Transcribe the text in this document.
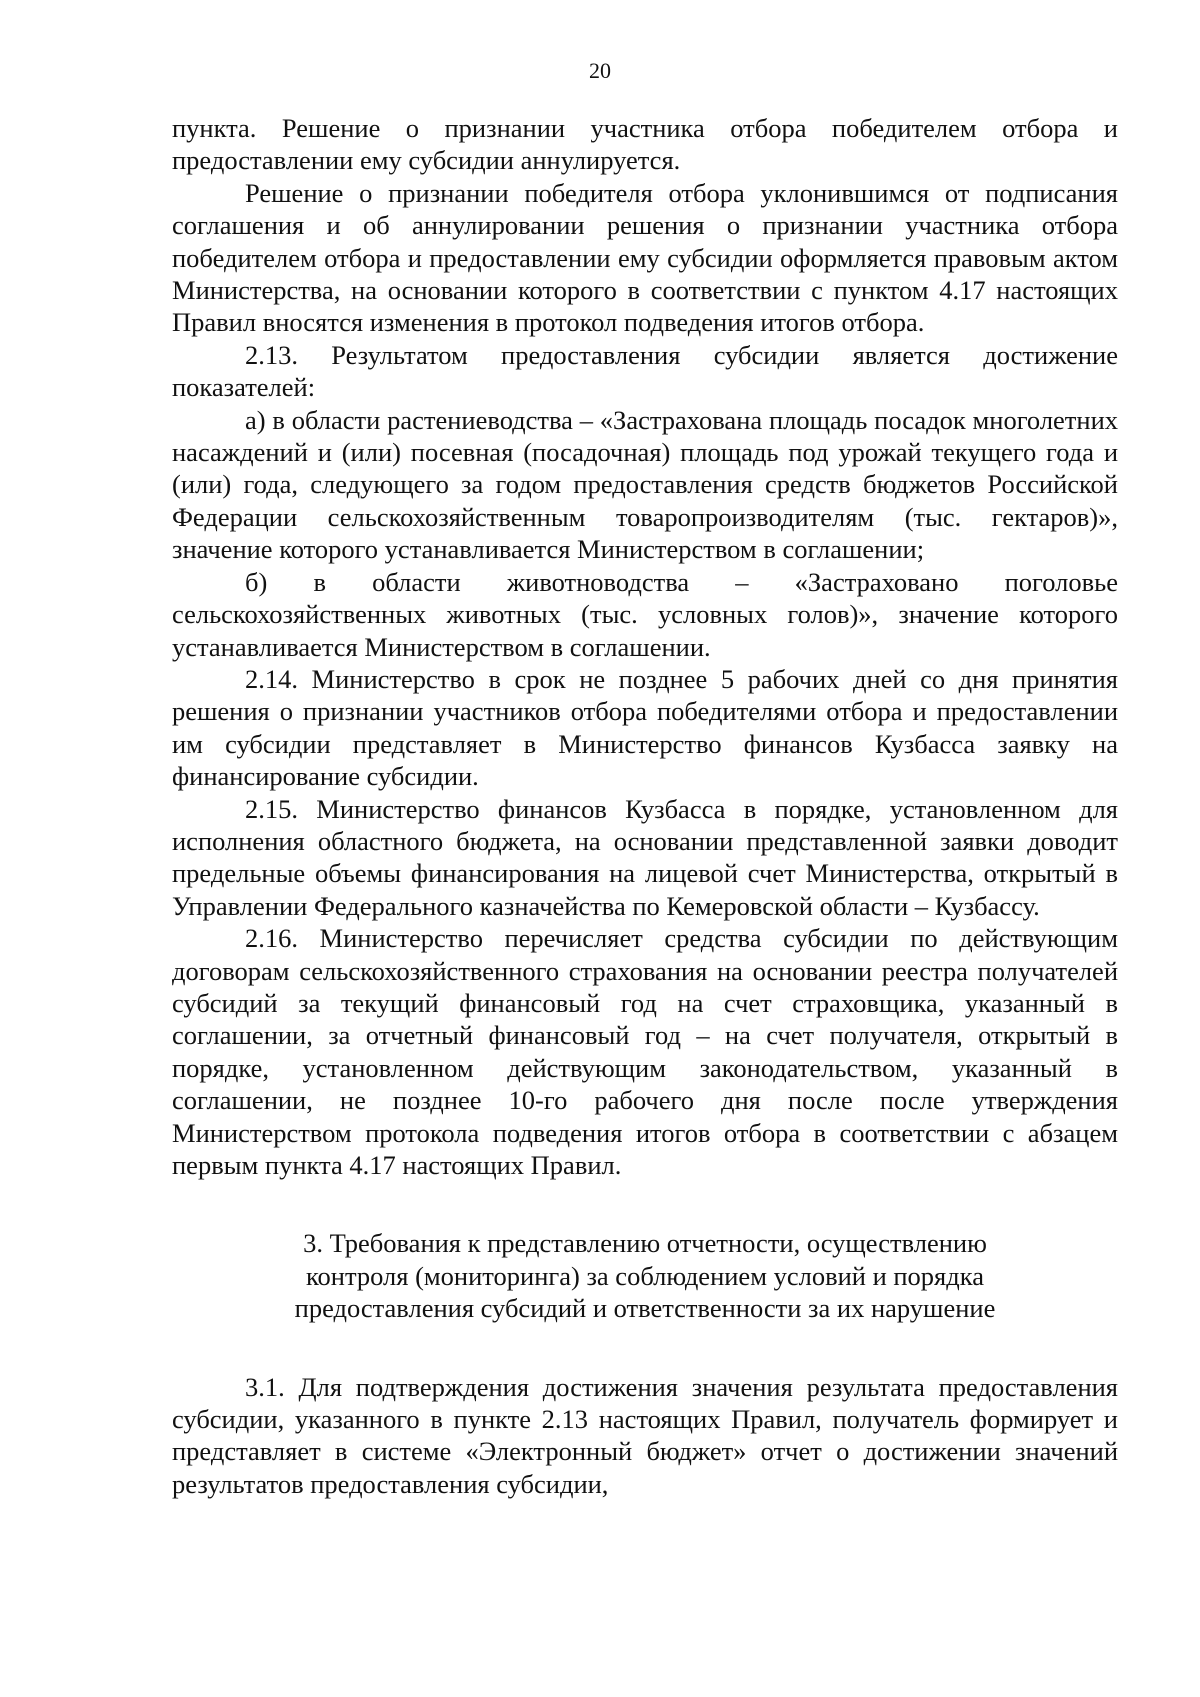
20

пункта. Решение о признании участника отбора победителем отбора и предоставлении ему субсидии аннулируется.

Решение о признании победителя отбора уклонившимся от подписания соглашения и об аннулировании решения о признании участника отбора победителем отбора и предоставлении ему субсидии оформляется правовым актом Министерства, на основании которого в соответствии с пунктом 4.17 настоящих Правил вносятся изменения в протокол подведения итогов отбора.

2.13. Результатом предоставления субсидии является достижение показателей:

а) в области растениеводства – «Застрахована площадь посадок многолетних насаждений и (или) посевная (посадочная) площадь под урожай текущего года и (или) года, следующего за годом предоставления средств бюджетов Российской Федерации сельскохозяйственным товаропроизводителям (тыс. гектаров)», значение которого устанавливается Министерством в соглашении;

б) в области животноводства – «Застраховано поголовье сельскохозяйственных животных (тыс. условных голов)», значение которого устанавливается Министерством в соглашении.

2.14. Министерство в срок не позднее 5 рабочих дней со дня принятия решения о признании участников отбора победителями отбора и предоставлении им субсидии представляет в Министерство финансов Кузбасса заявку на финансирование субсидии.

2.15. Министерство финансов Кузбасса в порядке, установленном для исполнения областного бюджета, на основании представленной заявки доводит предельные объемы финансирования на лицевой счет Министерства, открытый в Управлении Федерального казначейства по Кемеровской области – Кузбассу.

2.16. Министерство перечисляет средства субсидии по действующим договорам сельскохозяйственного страхования на основании реестра получателей субсидий за текущий финансовый год на счет страховщика, указанный в соглашении, за отчетный финансовый год – на счет получателя, открытый в порядке, установленном действующим законодательством, указанный в соглашении, не позднее 10-го рабочего дня после после утверждения Министерством протокола подведения итогов отбора в соответствии с абзацем первым пункта 4.17 настоящих Правил.

3. Требования к представлению отчетности, осуществлению контроля (мониторинга) за соблюдением условий и порядка предоставления субсидий и ответственности за их нарушение

3.1. Для подтверждения достижения значения результата предоставления субсидии, указанного в пункте 2.13 настоящих Правил, получатель формирует и представляет в системе «Электронный бюджет» отчет о достижении значений результатов предоставления субсидии,
